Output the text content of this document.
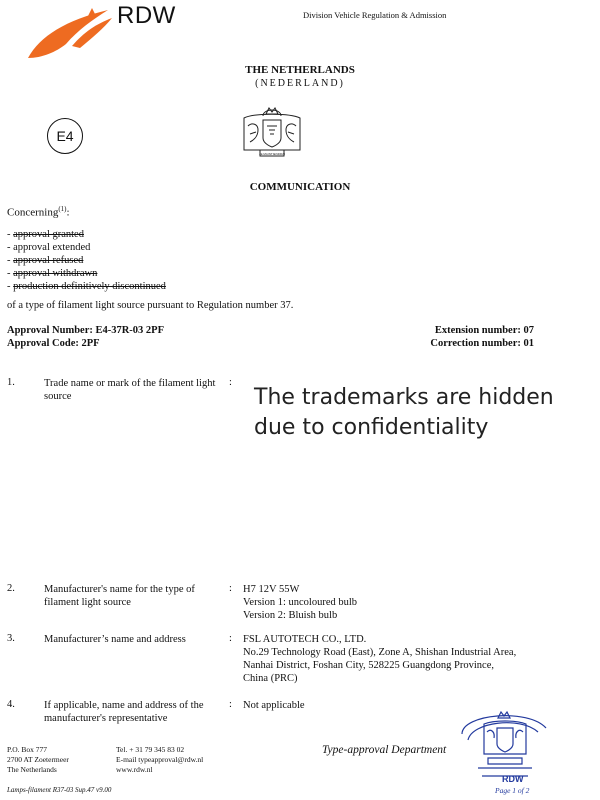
RDW	Division Vehicle Regulation & Admission
THE NETHERLANDS
(NEDERLAND)
E4
JE MAINTIENDRAI
COMMUNICATION
Concerning$^{(1)}$:
- approval granted
- approval extended
- approval refused
- approval withdrawn
- production definitively discontinued
of a type of filament light source pursuant to Regulation number 37.
Approval Number: E4-37R-03 2PF
Approval Code: 2PF
Extension number: 07
Correction number: 01
1.	Trade name or mark of the filament light source
:
The trademarks are hidden due to confidentiality
2.	Manufacturer's name for the type of filament light source
: H7 12V 55W
Version 1: uncoloured bulb
Version 2: Bluish bulb
3.	Manufacturer’s name and address	: FSL AUTOTECH CO., LTD.
No.29 Technology Road (East), Zone A, Shishan Industrial Area,
Nanhai District, Foshan City, 528225 Guangdong Province,
China (PRC)
4.	If applicable, name and address of the manufacturer's representative
: Not applicable
P.O. Box 777
2700 AT Zoetermeer
The Netherlands
Tel. + 31 79 345 83 02
E-mail typeapproval@rdw.nl
www.rdw.nl
Type-approval Department
RDW
Lamps-filament R37-03 Sup.47 v9.00	Page 1 of 2
